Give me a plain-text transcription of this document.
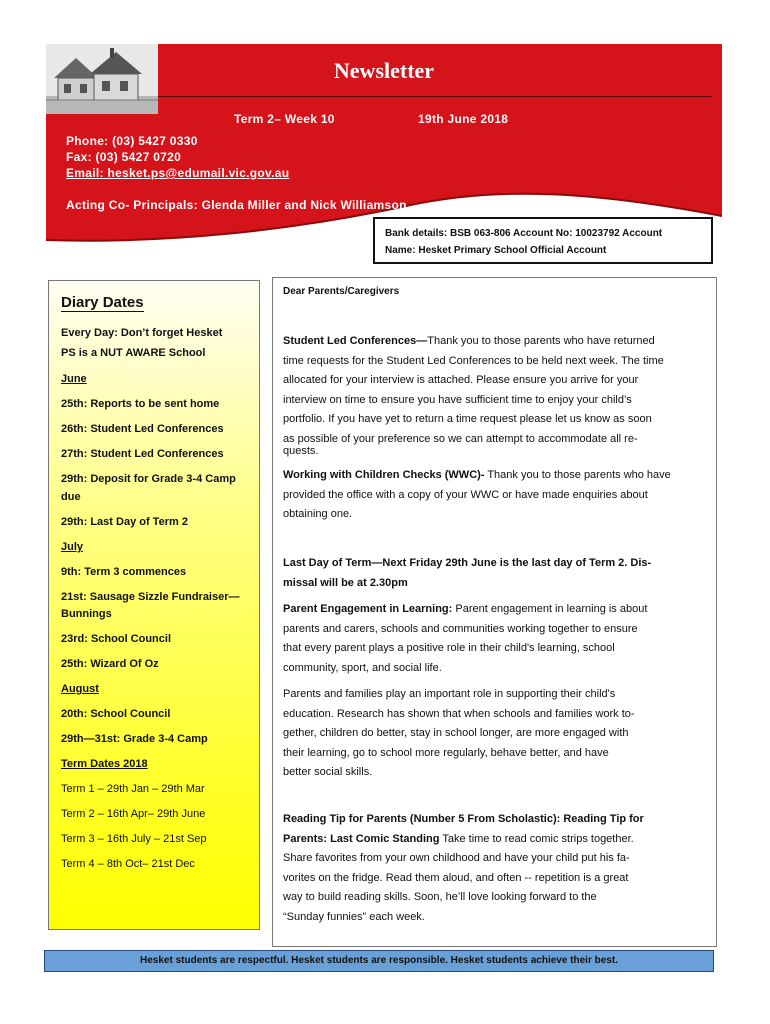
Newsletter
Term 2– Week 10	19th June 2018
Phone: (03) 5427 0330
Fax: (03) 5427 0720
Email: hesket.ps@edumail.vic.gov.au
Acting Co- Principals: Glenda Miller and Nick Williamson
Bank details: BSB 063-806 Account No: 10023792 Account
Name: Hesket Primary School Official Account
Diary Dates
Every Day: Don’t forget Hesket
PS is a NUT AWARE School
June
25th: Reports to be sent home
26th: Student Led Conferences
27th: Student Led Conferences
29th: Deposit for Grade 3-4 Camp
due
29th: Last Day of Term 2
July
9th: Term 3 commences
21st: Sausage Sizzle Fundraiser—
Bunnings
23rd: School Council
25th: Wizard Of Oz
August
20th: School Council
29th—31st: Grade 3-4 Camp
Term Dates 2018
Term 1 – 29th Jan – 29th Mar
Term 2 – 16th Apr– 29th June
Term 3 – 16th July – 21st Sep
Term 4 – 8th Oct– 21st Dec
Dear Parents/Caregivers
Student Led Conferences—Thank you to those parents who have returned
time requests for the Student Led Conferences to be held next week. The time
allocated for your interview is attached. Please ensure you arrive for your
interview on time to ensure you have sufficient time to enjoy your child’s
portfolio. If you have yet to return a time request please let us know as soon
as possible of your preference so we can attempt to accommodate all re-
quests.
Working with Children Checks (WWC)- Thank you to those parents who have
provided the office with a copy of your WWC or have made enquiries about
obtaining one.
Last Day of Term—Next Friday 29th June is the last day of Term 2. Dis-
missal will be at 2.30pm
Parent Engagement in Learning: Parent engagement in learning is about
parents and carers, schools and communities working together to ensure
that every parent plays a positive role in their child's learning, school
community, sport, and social life.
Parents and families play an important role in supporting their child's
education. Research has shown that when schools and families work to-
gether, children do better, stay in school longer, are more engaged with
their learning, go to school more regularly, behave better, and have
better social skills.
Reading Tip for Parents (Number 5 From Scholastic): Reading Tip for
Parents: Last Comic Standing Take time to read comic strips together.
Share favorites from your own childhood and have your child put his fa-
vorites on the fridge. Read them aloud, and often -- repetition is a great
way to build reading skills. Soon, he’ll love looking forward to the
“Sunday funnies” each week.
Hesket students are respectful. Hesket students are responsible. Hesket students achieve their best.
